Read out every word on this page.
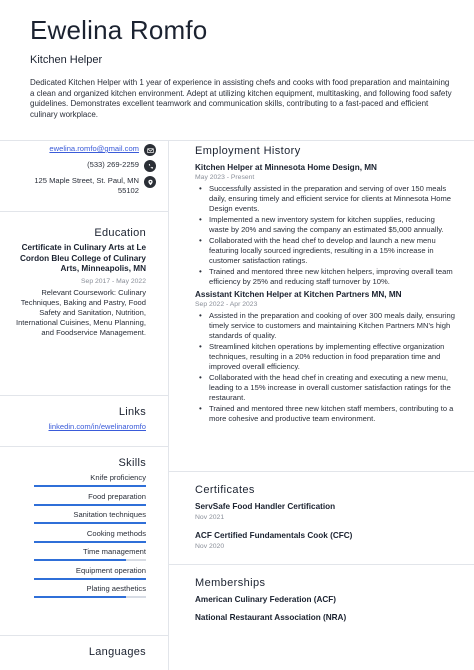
Ewelina Romfo
Kitchen Helper
Dedicated Kitchen Helper with 1 year of experience in assisting chefs and cooks with food preparation and maintaining a clean and organized kitchen environment. Adept at utilizing kitchen equipment, multitasking, and following food safety guidelines. Demonstrates excellent teamwork and communication skills, contributing to a fast-paced and efficient culinary workplace.
ewelina.romfo@gmail.com
(533) 269-2259
125 Maple Street, St. Paul, MN 55102
Education
Certificate in Culinary Arts at Le Cordon Bleu College of Culinary Arts, Minneapolis, MN
Sep 2017 - May 2022
Relevant Coursework: Culinary Techniques, Baking and Pastry, Food Safety and Sanitation, Nutrition, International Cuisines, Menu Planning, and Foodservice Management.
Links
linkedin.com/in/ewelinaromfo
Skills
Knife proficiency
Food preparation
Sanitation techniques
Cooking methods
Time management
Equipment operation
Plating aesthetics
Languages
Employment History
Kitchen Helper at Minnesota Home Design, MN
May 2023 - Present
• Successfully assisted in the preparation and serving of over 150 meals daily, ensuring timely and efficient service for clients at Minnesota Home Design events.
• Implemented a new inventory system for kitchen supplies, reducing waste by 20% and saving the company an estimated $5,000 annually.
• Collaborated with the head chef to develop and launch a new menu featuring locally sourced ingredients, resulting in a 15% increase in customer satisfaction ratings.
• Trained and mentored three new kitchen helpers, improving overall team efficiency by 25% and reducing staff turnover by 10%.
Assistant Kitchen Helper at Kitchen Partners MN, MN
Sep 2022 - Apr 2023
• Assisted in the preparation and cooking of over 300 meals daily, ensuring timely service to customers and maintaining Kitchen Partners MN's high standards of quality.
• Streamlined kitchen operations by implementing effective organization techniques, resulting in a 20% reduction in food preparation time and improved overall efficiency.
• Collaborated with the head chef in creating and executing a new menu, leading to a 15% increase in overall customer satisfaction ratings for the restaurant.
• Trained and mentored three new kitchen staff members, contributing to a more cohesive and productive team environment.
Certificates
ServSafe Food Handler Certification
Nov 2021
ACF Certified Fundamentals Cook (CFC)
Nov 2020
Memberships
American Culinary Federation (ACF)
National Restaurant Association (NRA)
